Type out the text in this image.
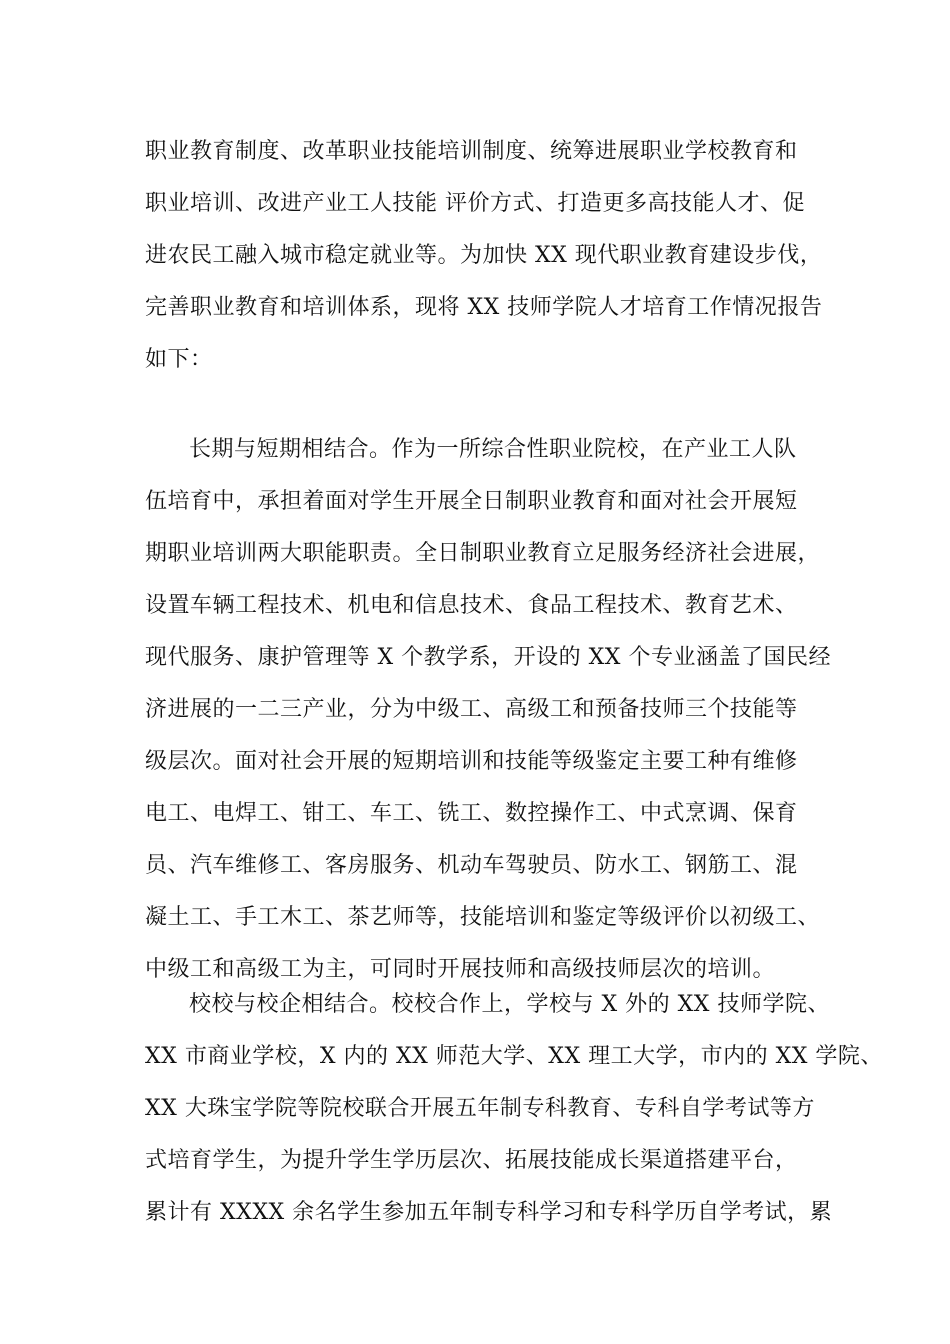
职业教育制度、改革职业技能培训制度、统筹进展职业学校教育和
职业培训、改进产业工人技能 评价方式、打造更多高技能人才、促
进农民工融入城市稳定就业等。为加快 XX 现代职业教育建设步伐，
完善职业教育和培训体系，现将 XX 技师学院人才培育工作情况报告
如下：
长期与短期相结合。作为一所综合性职业院校，在产业工人队
伍培育中，承担着面对学生开展全日制职业教育和面对社会开展短
期职业培训两大职能职责。全日制职业教育立足服务经济社会进展，
设置车辆工程技术、机电和信息技术、食品工程技术、教育艺术、
现代服务、康护管理等 X 个教学系，开设的 XX 个专业涵盖了国民经
济进展的一二三产业，分为中级工、高级工和预备技师三个技能等
级层次。面对社会开展的短期培训和技能等级鉴定主要工种有维修
电工、电焊工、钳工、车工、铣工、数控操作工、中式烹调、保育
员、汽车维修工、客房服务、机动车驾驶员、防水工、钢筋工、混
凝土工、手工木工、茶艺师等，技能培训和鉴定等级评价以初级工、
中级工和高级工为主，可同时开展技师和高级技师层次的培训。
校校与校企相结合。校校合作上，学校与 X 外的 XX 技师学院、
XX 市商业学校，X 内的 XX 师范大学、XX 理工大学，市内的 XX 学院、
XX 大珠宝学院等院校联合开展五年制专科教育、专科自学考试等方
式培育学生，为提升学生学历层次、拓展技能成长渠道搭建平台，
累计有 XXXX 余名学生参加五年制专科学习和专科学历自学考试，累
